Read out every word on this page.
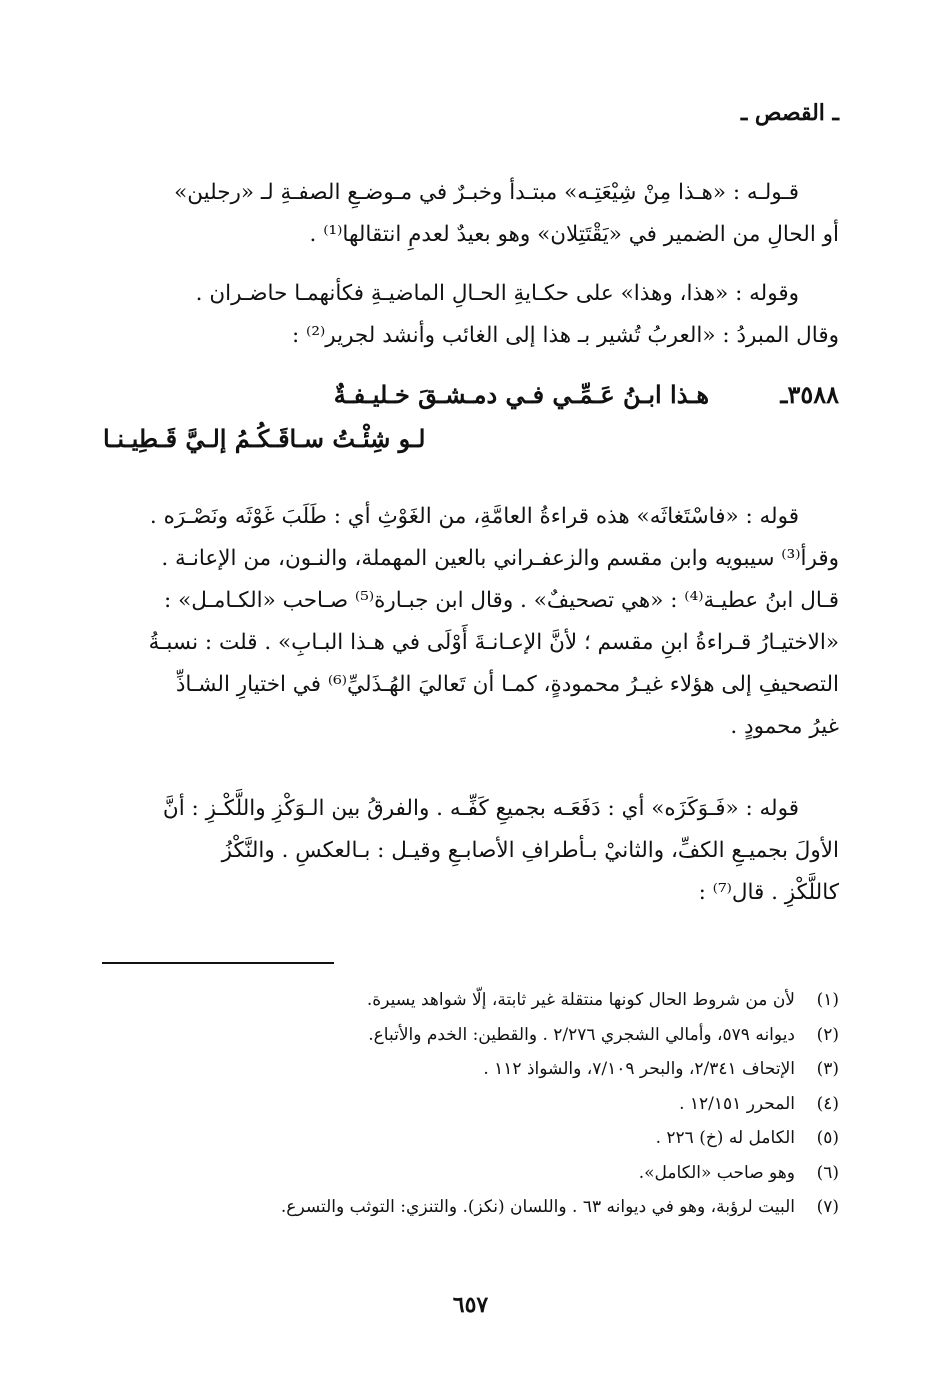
ـ القصص ـ

قـولـه : «هـذا مِنْ شِيْعَتِـه» مبتـدأ وخبـرٌ في مـوضـعِ الصفـةِ لـ «رجلين»

أو الحالِ من الضمير في «يَقْتَتِلان» وهو بعيدٌ لعدمِ انتقالها⁽¹⁾ .

وقوله : «هذا، وهذا» على حكـايةِ الحـالِ الماضيـةِ فكأنهمـا حاضـران .

وقال المبردُ : «العربُ تُشير بـ هذا إلى الغائب وأنشد لجرير⁽²⁾ :

٣٥٨٨ـ
هـذا ابـنُ عَـمِّـي فـي دمـشـقَ خـليـفـةٌ
لـو شِئْـتُ سـاقَـكُـمُ إلـيَّ قَـطِيـنـا

قوله : «فاسْتَغاثَه» هذه قراءةُ العامَّةِ، من الغَوْثِ أي : طَلَبَ غَوْثَه ونَصْـرَه .

وقرأ⁽³⁾ سيبويه وابن مقسم والزعفـراني بالعين المهملة، والنـون، من الإعانـة .

قـال ابنُ عطيـة⁽⁴⁾ : «هي تصحيفٌ» . وقال ابن جبـارة⁽⁵⁾ صـاحب «الكـامـل» :

«الاختيـارُ قـراءةُ ابنِ مقسم ؛ لأنَّ الإعـانـةَ أَوْلَى في هـذا البـابِ» . قلت : نسبـةُ

التصحيفِ إلى هؤلاء غيـرُ محمودةٍ، كمـا أن تَعاليَ الهُـذَليِّ⁽⁶⁾ في اختيارِ الشـاذِّ

غيرُ محمودٍ .

قوله : «فَـوَكَزَه» أي : دَفَعَـه بجميعِ كَفِّـه . والفرقُ بين الـوَكْزِ واللَّكْـزِ : أنَّ

الأولَ بجميـعِ الكفِّ، والثانيْ بـأطرافِ الأصابـعِ وقيـل : بـالعكسِ . والنَّكْزُ

كاللَّكْزِ . قال⁽⁷⁾ :

(١)
لأن من شروط الحال كونها منتقلة غير ثابتة، إلّا شواهد يسيرة.
(٢)
ديوانه ٥٧٩، وأمالي الشجري ٢/٢٧٦ . والقطين: الخدم والأتباع.
(٣)
الإتحاف ٢/٣٤١، والبحر ٧/١٠٩، والشواذ ١١٢ .
(٤)
المحرر ١٢/١٥١ .
(٥)
الكامل له (خ) ٢٢٦ .
(٦)
وهو صاحب «الكامل».
(٧)
البيت لرؤبة، وهو في ديوانه ٦٣ . واللسان (نكز). والتنزي: التوثب والتسرع.
٦٥٧
